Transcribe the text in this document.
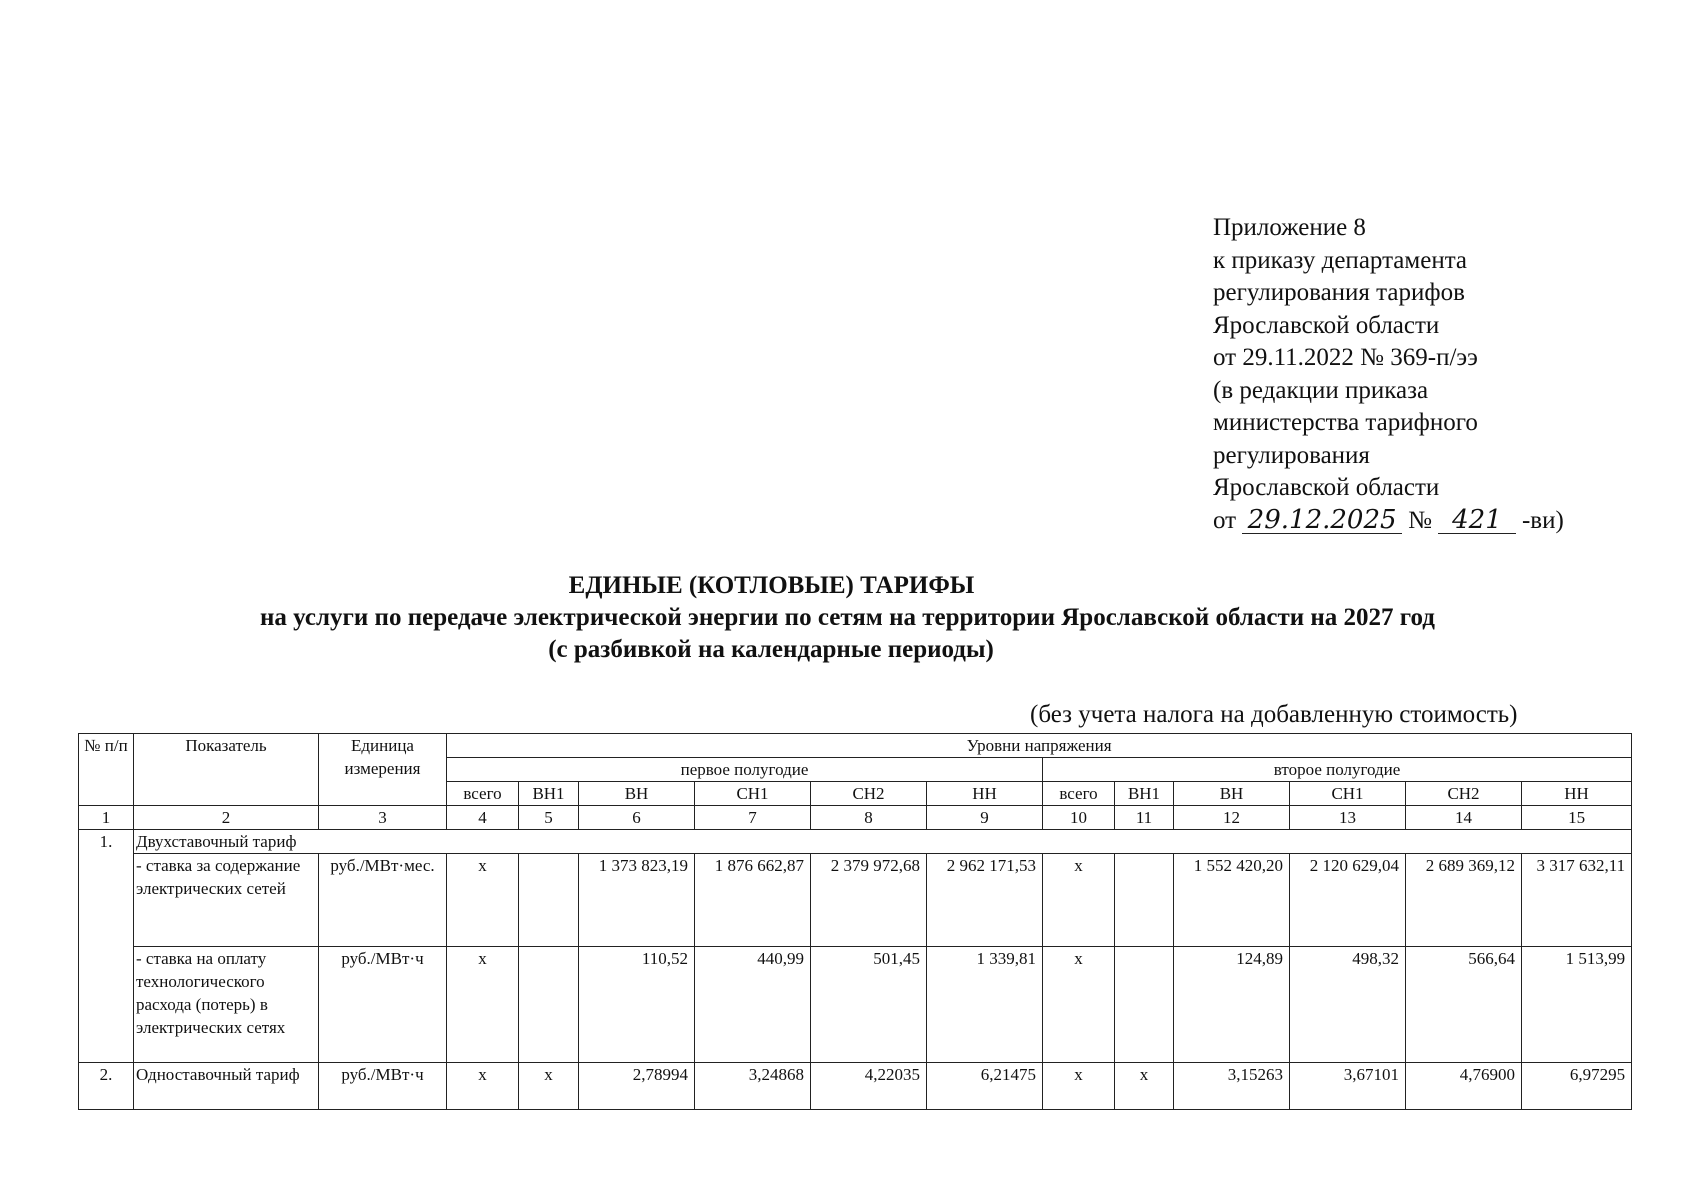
Приложение 8
к приказу департамента
регулирования тарифов
Ярославской области
от 29.11.2022 № 369-п/ээ
(в редакции приказа
министерства тарифного
регулирования
Ярославской области
от 29.12.2025 № 421 -ви)
ЕДИНЫЕ (КОТЛОВЫЕ) ТАРИФЫ
на услуги по передаче электрической энергии по сетям на территории Ярославской области на 2027 год
(с разбивкой на календарные периоды)
(без учета налога на добавленную стоимость)
№ п/п	Показатель	Единица измерения	Уровни напряжения											
			первое полугодие						второе полугодие					
			всего	ВН1	ВН	СН1	СН2	НН	всего	ВН1	ВН	СН1	СН2	НН
1	2	3	4	5	6	7	8	9	10	11	12	13	14	15
1.	Двухставочный тариф													
	- ставка за содержание электрических сетей	руб./МВт·мес.	х		1 373 823,19	1 876 662,87	2 379 972,68	2 962 171,53	х		1 552 420,20	2 120 629,04	2 689 369,12	3 317 632,11
	- ставка на оплату технологического расхода (потерь) в электрических сетях	руб./МВт·ч	х		110,52	440,99	501,45	1 339,81	х		124,89	498,32	566,64	1 513,99
2.	Одноставочный тариф	руб./МВт·ч	х	х	2,78994	3,24868	4,22035	6,21475	х	х	3,15263	3,67101	4,76900	6,97295
